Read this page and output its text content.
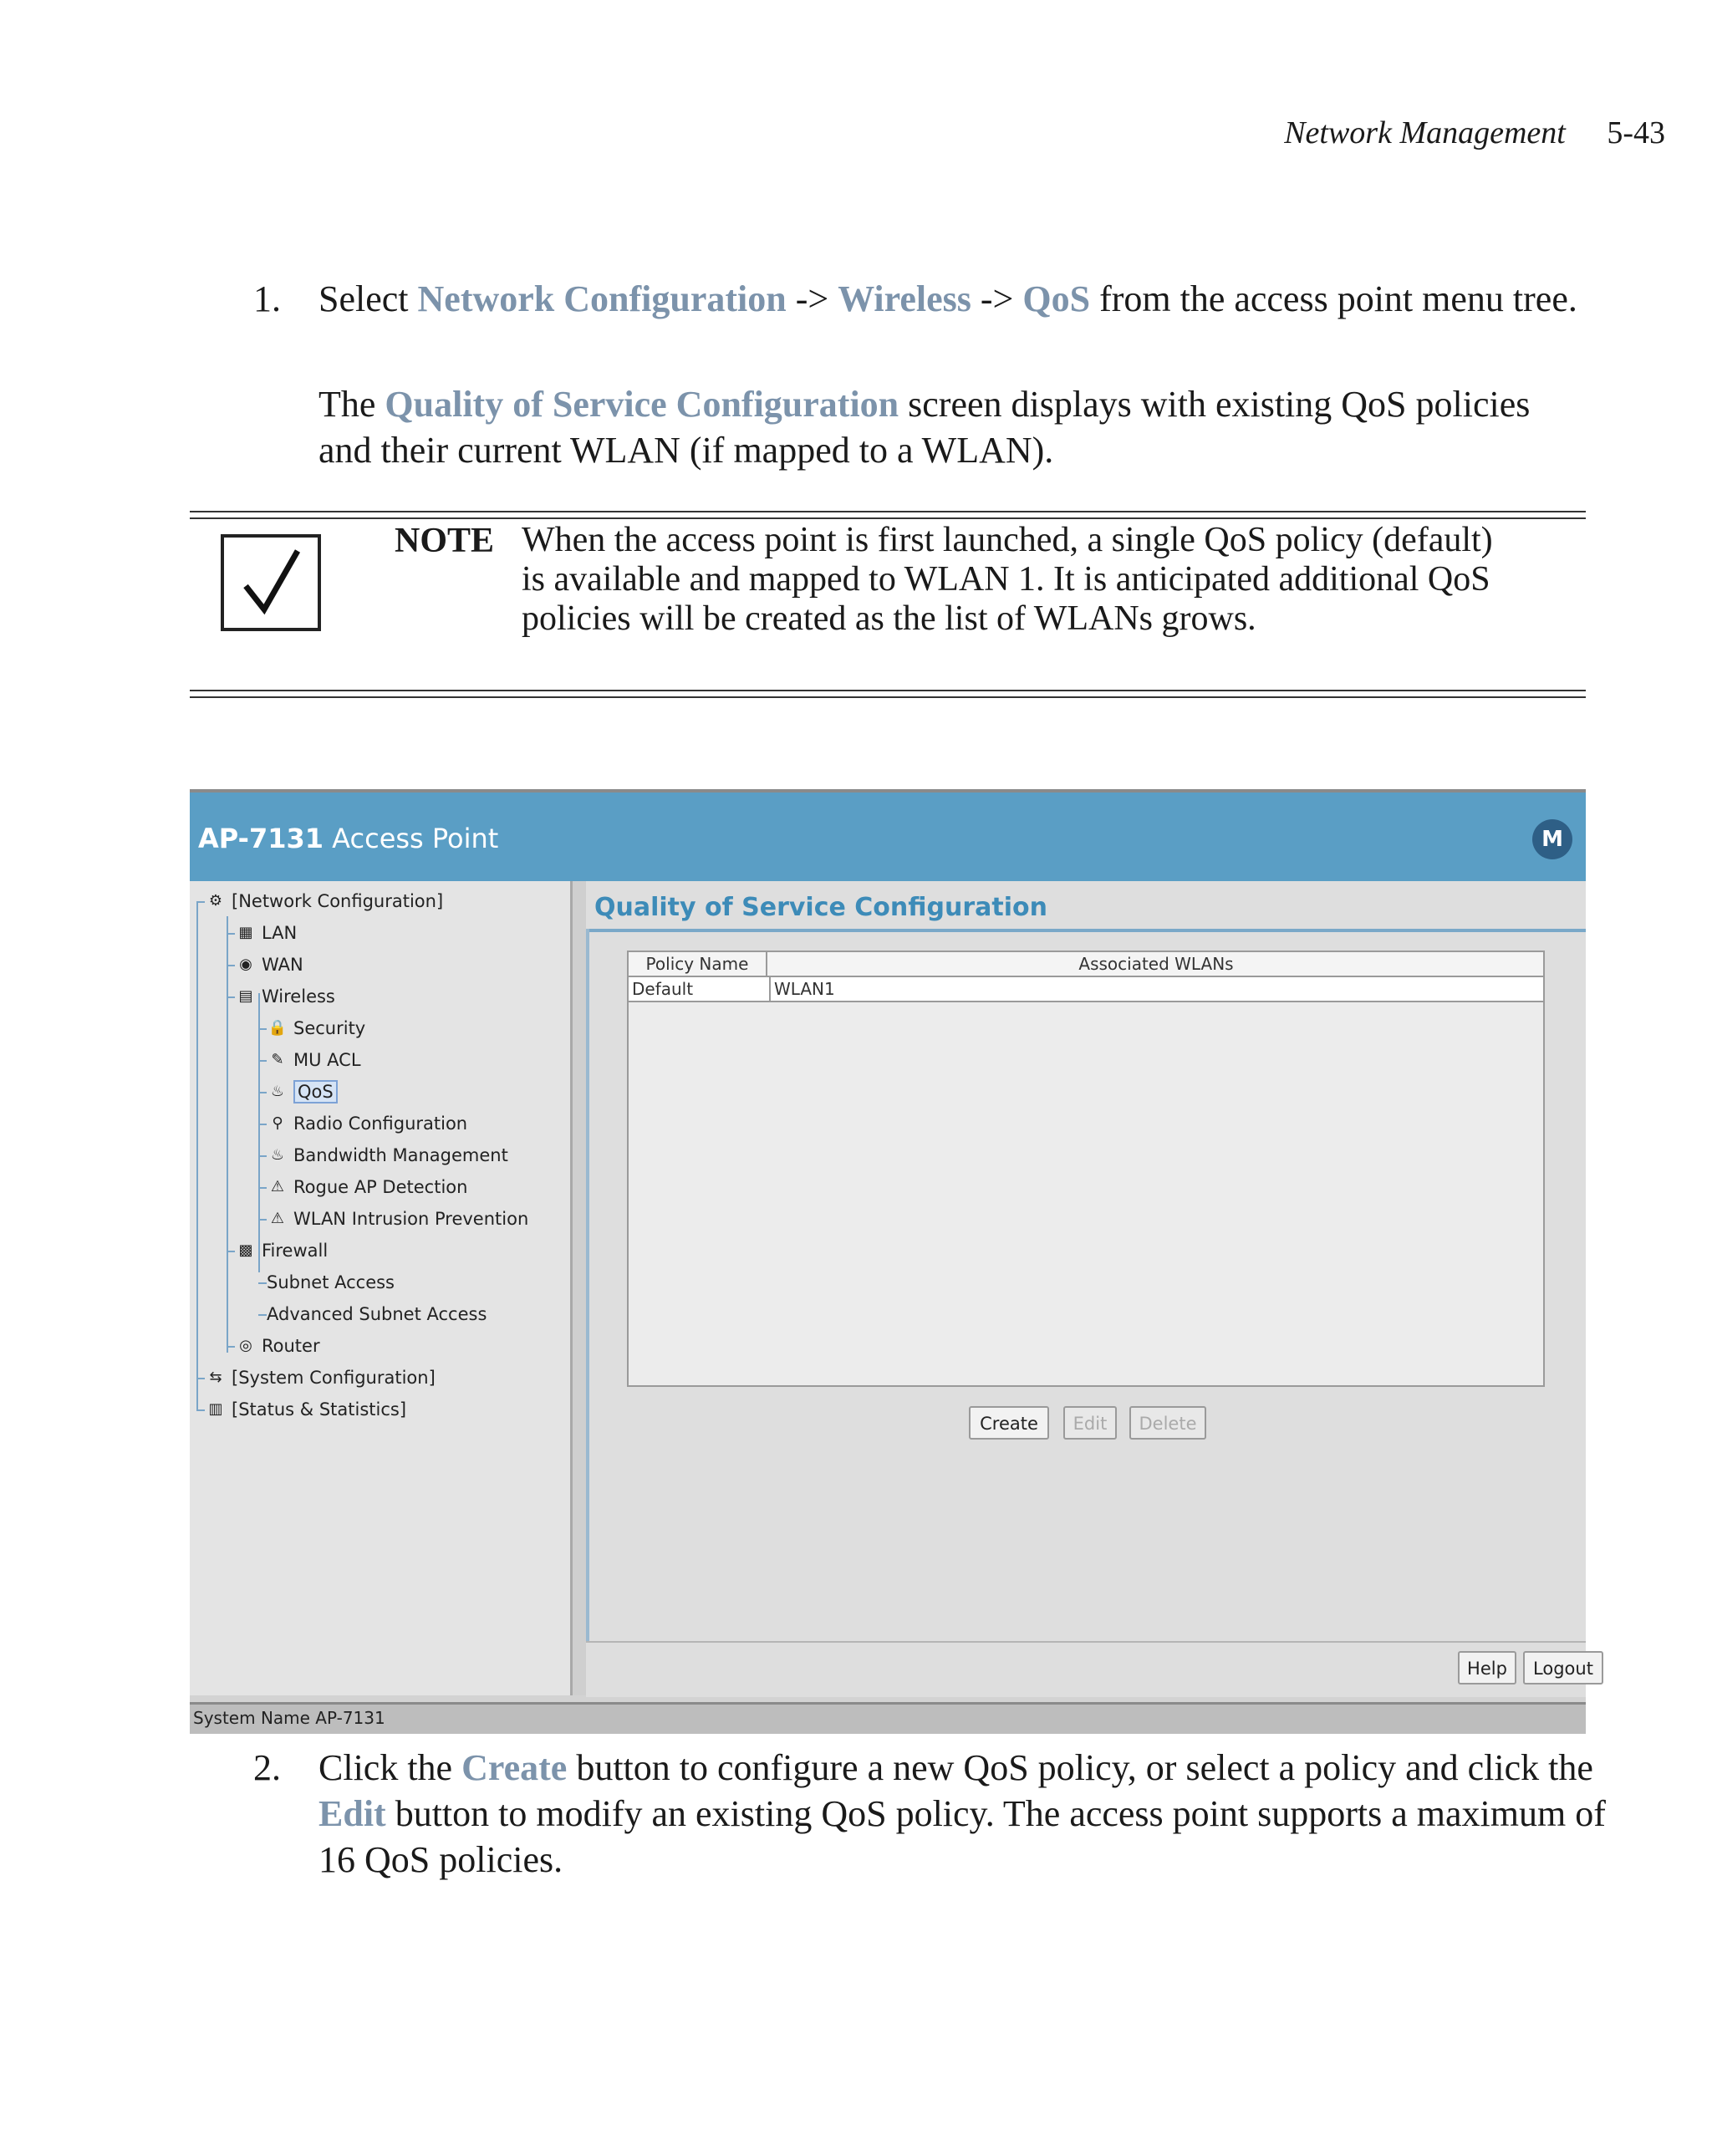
Network Management 5-43
1.	Select Network Configuration -> Wireless -> QoS from the access point menu tree.
The Quality of Service Configuration screen displays with existing QoS policies and their current WLAN (if mapped to a WLAN).
NOTE When the access point is first launched, a single QoS policy (default) is available and mapped to WLAN 1. It is anticipated additional QoS policies will be created as the list of WLANs grows.
AP-7131 Access Point	M
⚙ [Network Configuration]
▦ LAN
◉ WAN
▤ Wireless
🔒 Security
✎ MU ACL
♨ QoS
⚲ Radio Configuration
♨ Bandwidth Management
⚠ Rogue AP Detection
⚠ WLAN Intrusion Prevention
▩ Firewall
Subnet Access
Advanced Subnet Access
◎ Router
⇆ [System Configuration]
▥ [Status & Statistics]
Quality of Service Configuration
Policy Name	Associated WLANs
Default	WLAN1
Create	Edit	Delete
Help	Logout
System Name AP-7131
2.	Click the Create button to configure a new QoS policy, or select a policy and click the Edit button to modify an existing QoS policy. The access point supports a maximum of 16 QoS policies.
